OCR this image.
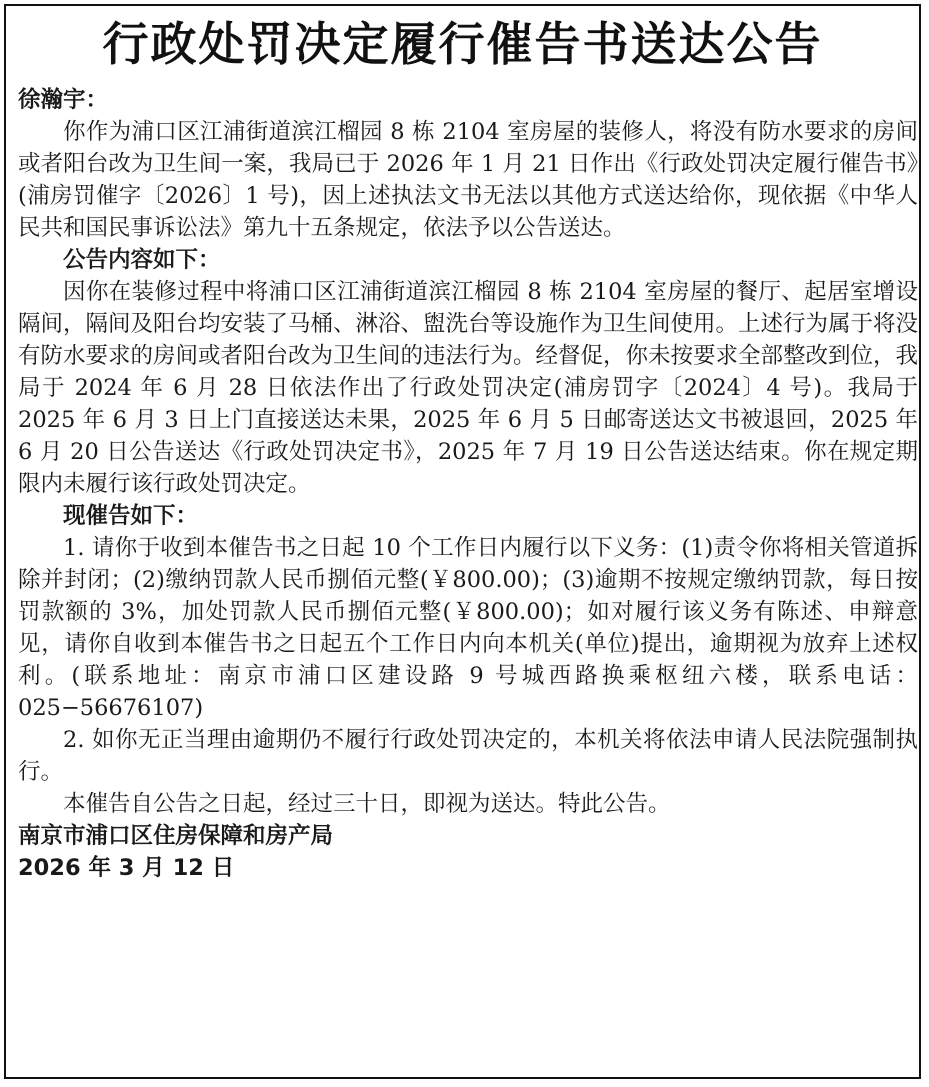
行政处罚决定履行催告书送达公告

徐瀚宇：

你作为浦口区江浦街道滨江榴园 8 栋 2104 室房屋的装修人，将没有防水要求的房间或者阳台改为卫生间一案，我局已于 2026 年 1 月 21 日作出《行政处罚决定履行催告书》(浦房罚催字〔2026〕1 号)，因上述执法文书无法以其他方式送达给你，现依据《中华人民共和国民事诉讼法》第九十五条规定，依法予以公告送达。

公告内容如下：

因你在装修过程中将浦口区江浦街道滨江榴园 8 栋 2104 室房屋的餐厅、起居室增设隔间，隔间及阳台均安装了马桶、淋浴、盥洗台等设施作为卫生间使用。上述行为属于将没有防水要求的房间或者阳台改为卫生间的违法行为。经督促，你未按要求全部整改到位，我局于 2024 年 6 月 28 日依法作出了行政处罚决定(浦房罚字〔2024〕4 号)。我局于 2025 年 6 月 3 日上门直接送达未果，2025 年 6 月 5 日邮寄送达文书被退回，2025 年 6 月 20 日公告送达《行政处罚决定书》，2025 年 7 月 19 日公告送达结束。你在规定期限内未履行该行政处罚决定。

现催告如下：

1. 请你于收到本催告书之日起 10 个工作日内履行以下义务：(1)责令你将相关管道拆除并封闭；(2)缴纳罚款人民币捌佰元整(￥800.00)；(3)逾期不按规定缴纳罚款，每日按罚款额的 3%，加处罚款人民币捌佰元整(￥800.00)；如对履行该义务有陈述、申辩意见，请你自收到本催告书之日起五个工作日内向本机关(单位)提出，逾期视为放弃上述权利。(联系地址：南京市浦口区建设路 9 号城西路换乘枢纽六楼，联系电话：025−56676107)

2. 如你无正当理由逾期仍不履行行政处罚决定的，本机关将依法申请人民法院强制执行。

本催告自公告之日起，经过三十日，即视为送达。特此公告。

南京市浦口区住房保障和房产局

2026 年 3 月 12 日
